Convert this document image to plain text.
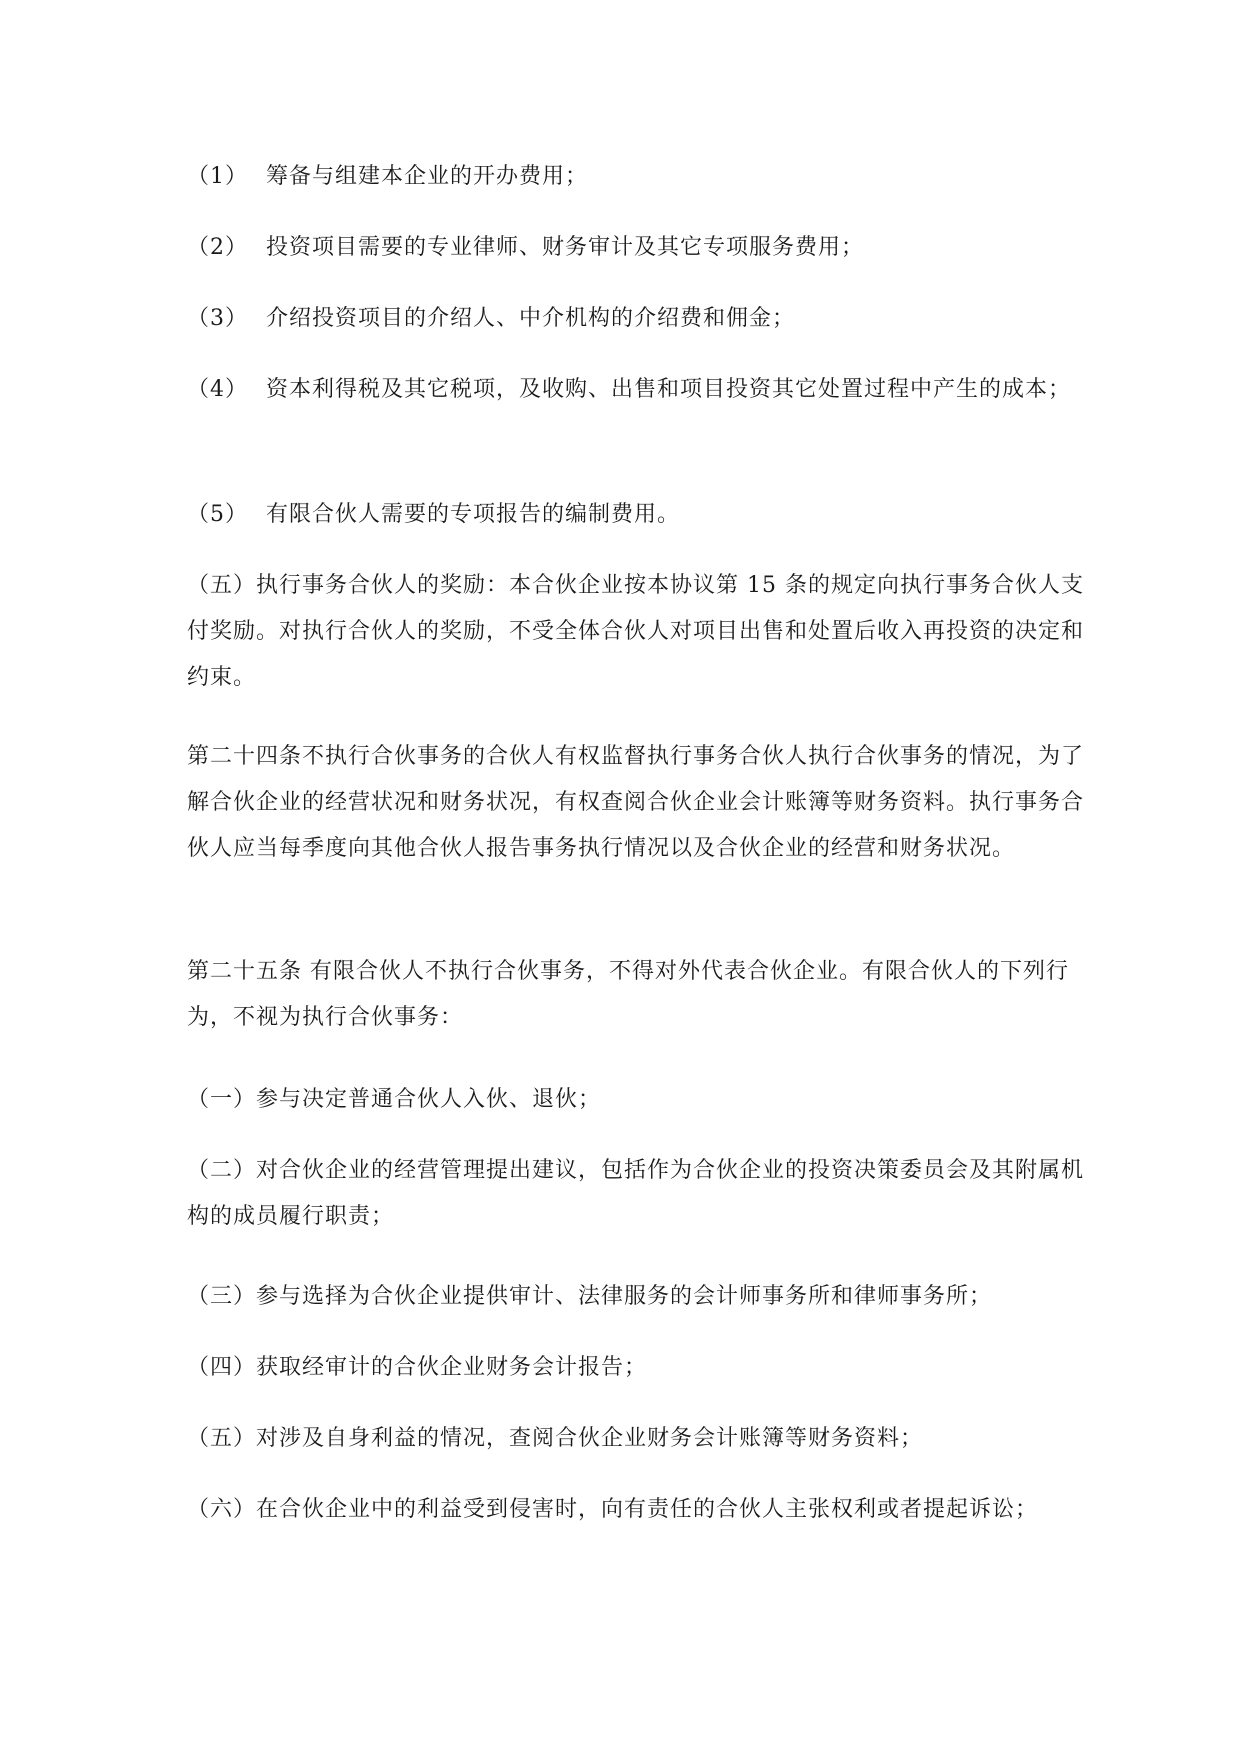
（1） 筹备与组建本企业的开办费用；

（2） 投资项目需要的专业律师、财务审计及其它专项服务费用；

（3） 介绍投资项目的介绍人、中介机构的介绍费和佣金；

（4） 资本利得税及其它税项，及收购、出售和项目投资其它处置过程中产生的成本；

（5） 有限合伙人需要的专项报告的编制费用。

（五）执行事务合伙人的奖励：本合伙企业按本协议第 15 条的规定向执行事务合伙人支付奖励。对执行合伙人的奖励，不受全体合伙人对项目出售和处置后收入再投资的决定和约束。

第二十四条不执行合伙事务的合伙人有权监督执行事务合伙人执行合伙事务的情况，为了解合伙企业的经营状况和财务状况，有权查阅合伙企业会计账簿等财务资料。执行事务合伙人应当每季度向其他合伙人报告事务执行情况以及合伙企业的经营和财务状况。

第二十五条 有限合伙人不执行合伙事务，不得对外代表合伙企业。有限合伙人的下列行为，不视为执行合伙事务：

（一）参与决定普通合伙人入伙、退伙；

（二）对合伙企业的经营管理提出建议，包括作为合伙企业的投资决策委员会及其附属机构的成员履行职责；

（三）参与选择为合伙企业提供审计、法律服务的会计师事务所和律师事务所；

（四）获取经审计的合伙企业财务会计报告；

（五）对涉及自身利益的情况，查阅合伙企业财务会计账簿等财务资料；

（六）在合伙企业中的利益受到侵害时，向有责任的合伙人主张权利或者提起诉讼；
